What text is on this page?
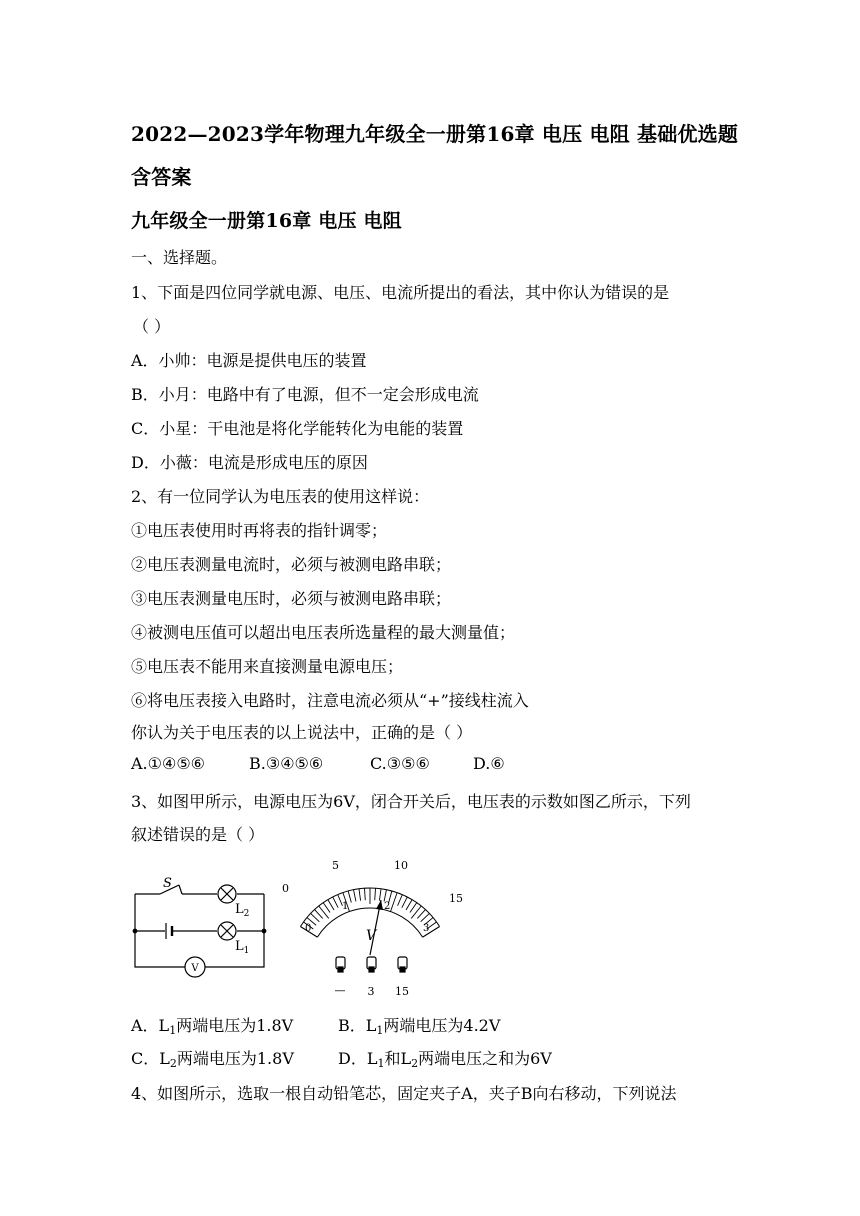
2022—2023学年物理九年级全一册第16章 电压 电阻 基础优选题
含答案
九年级全一册第16章 电压 电阻
一、选择题。
1、下面是四位同学就电源、电压、电流所提出的看法，其中你认为错误的是
（ ）
A．小帅：电源是提供电压的装置
B．小月：电路中有了电源，但不一定会形成电流
C．小星：干电池是将化学能转化为电能的装置
D．小薇：电流是形成电压的原因
2、有一位同学认为电压表的使用这样说：
①电压表使用时再将表的指针调零；
②电压表测量电流时，必须与被测电路串联；
③电压表测量电压时，必须与被测电路串联；
④被测电压值可以超出电压表所选量程的最大测量值；
⑤电压表不能用来直接测量电源电压；
⑥将电压表接入电路时，注意电流必须从“+”接线柱流入
你认为关于电压表的以上说法中，正确的是（ ）
A.①④⑤⑥	B.③④⑤⑥	C.③⑤⑥	D.⑥
3、如图甲所示，电源电压为6V，闭合开关后，电压表的示数如图乙所示，下列
叙述错误的是（ ）
S
$L_2$
$L_1$
V
0
5	10
15
0
1	2
3
V
— 3 15
A．$L_1$两端电压为1.8V	B．$L_1$两端电压为4.2V
C．$L_2$两端电压为1.8V	D．$L_1$和$L_2$两端电压之和为6V
4、如图所示，选取一根自动铅笔芯，固定夹子A，夹子B向右移动，下列说法
